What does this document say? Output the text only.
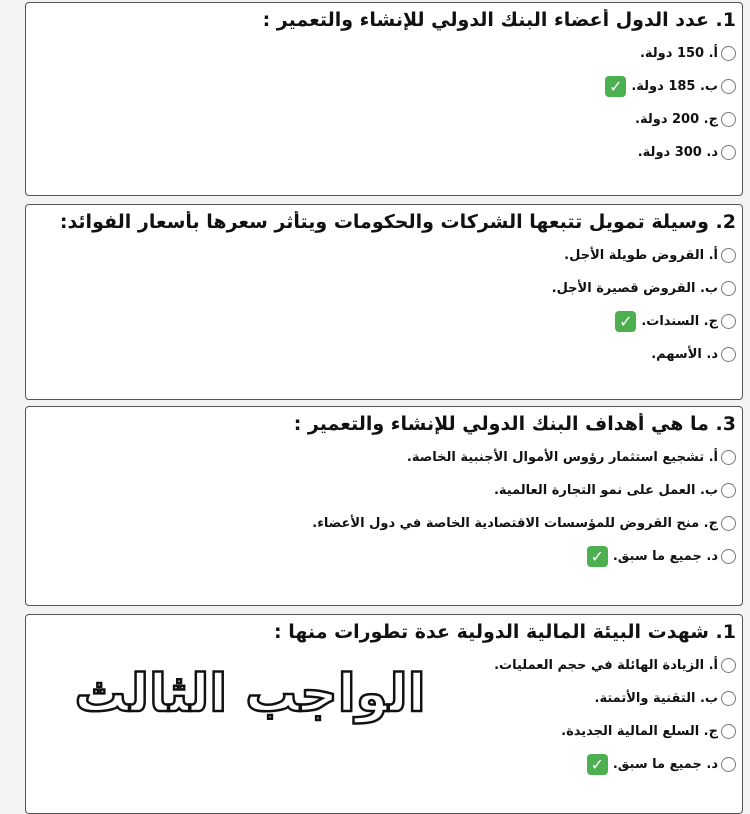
1. عدد الدول أعضاء البنك الدولي للإنشاء والتعمير :
أ. 150 دولة.
ب. 185 دولة.
✓
ج. 200 دولة.
د. 300 دولة.
2. وسيلة تمويل تتبعها الشركات والحكومات ويتأثر سعرها بأسعار الفوائد:
أ. القروض طويلة الأجل.
ب. القروض قصيرة الأجل.
ج. السندات.
✓
د. الأسهم.
3. ما هي أهداف البنك الدولي للإنشاء والتعمير :
أ. تشجيع استثمار رؤوس الأموال الأجنبية الخاصة.
ب. العمل على نمو التجارة العالمية.
ج. منح القروض للمؤسسات الاقتصادية الخاصة في دول الأعضاء.
د. جميع ما سبق.
✓
1. شهدت البيئة المالية الدولية عدة تطورات منها :
أ. الزيادة الهائلة في حجم العمليات.
ب. التقنية والأتمتة.
ج. السلع المالية الجديدة.
د. جميع ما سبق.
✓
الواجب الثالث
